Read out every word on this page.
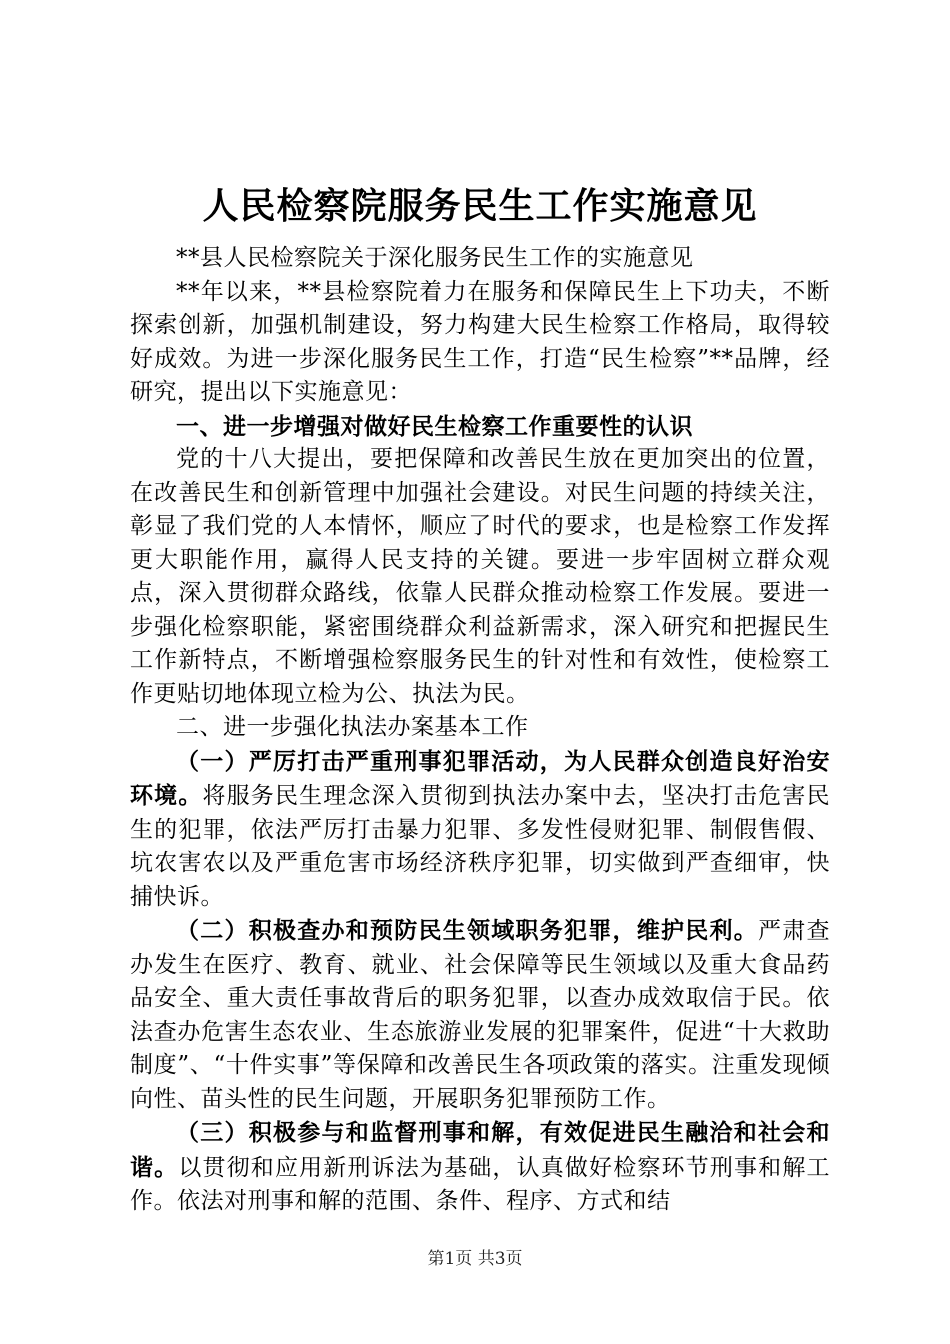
人民检察院服务民生工作实施意见

**县人民检察院关于深化服务民生工作的实施意见

**年以来，**县检察院着力在服务和保障民生上下功夫，不断探索创新，加强机制建设，努力构建大民生检察工作格局，取得较好成效。为进一步深化服务民生工作，打造“民生检察”**品牌，经研究，提出以下实施意见：

一、进一步增强对做好民生检察工作重要性的认识

党的十八大提出，要把保障和改善民生放在更加突出的位置，在改善民生和创新管理中加强社会建设。对民生问题的持续关注，彰显了我们党的人本情怀，顺应了时代的要求，也是检察工作发挥更大职能作用，赢得人民支持的关键。要进一步牢固树立群众观点，深入贯彻群众路线，依靠人民群众推动检察工作发展。要进一步强化检察职能，紧密围绕群众利益新需求，深入研究和把握民生工作新特点，不断增强检察服务民生的针对性和有效性，使检察工作更贴切地体现立检为公、执法为民。

二、进一步强化执法办案基本工作

（一）严厉打击严重刑事犯罪活动，为人民群众创造良好治安环境。将服务民生理念深入贯彻到执法办案中去，坚决打击危害民生的犯罪，依法严厉打击暴力犯罪、多发性侵财犯罪、制假售假、坑农害农以及严重危害市场经济秩序犯罪，切实做到严查细审，快捕快诉。

（二）积极查办和预防民生领域职务犯罪，维护民利。严肃查办发生在医疗、教育、就业、社会保障等民生领域以及重大食品药品安全、重大责任事故背后的职务犯罪，以查办成效取信于民。依法查办危害生态农业、生态旅游业发展的犯罪案件，促进“十大救助制度”、“十件实事”等保障和改善民生各项政策的落实。注重发现倾向性、苗头性的民生问题，开展职务犯罪预防工作。

（三）积极参与和监督刑事和解，有效促进民生融洽和社会和谐。以贯彻和应用新刑诉法为基础，认真做好检察环节刑事和解工作。依法对刑事和解的范围、条件、程序、方式和结

第1页 共3页
